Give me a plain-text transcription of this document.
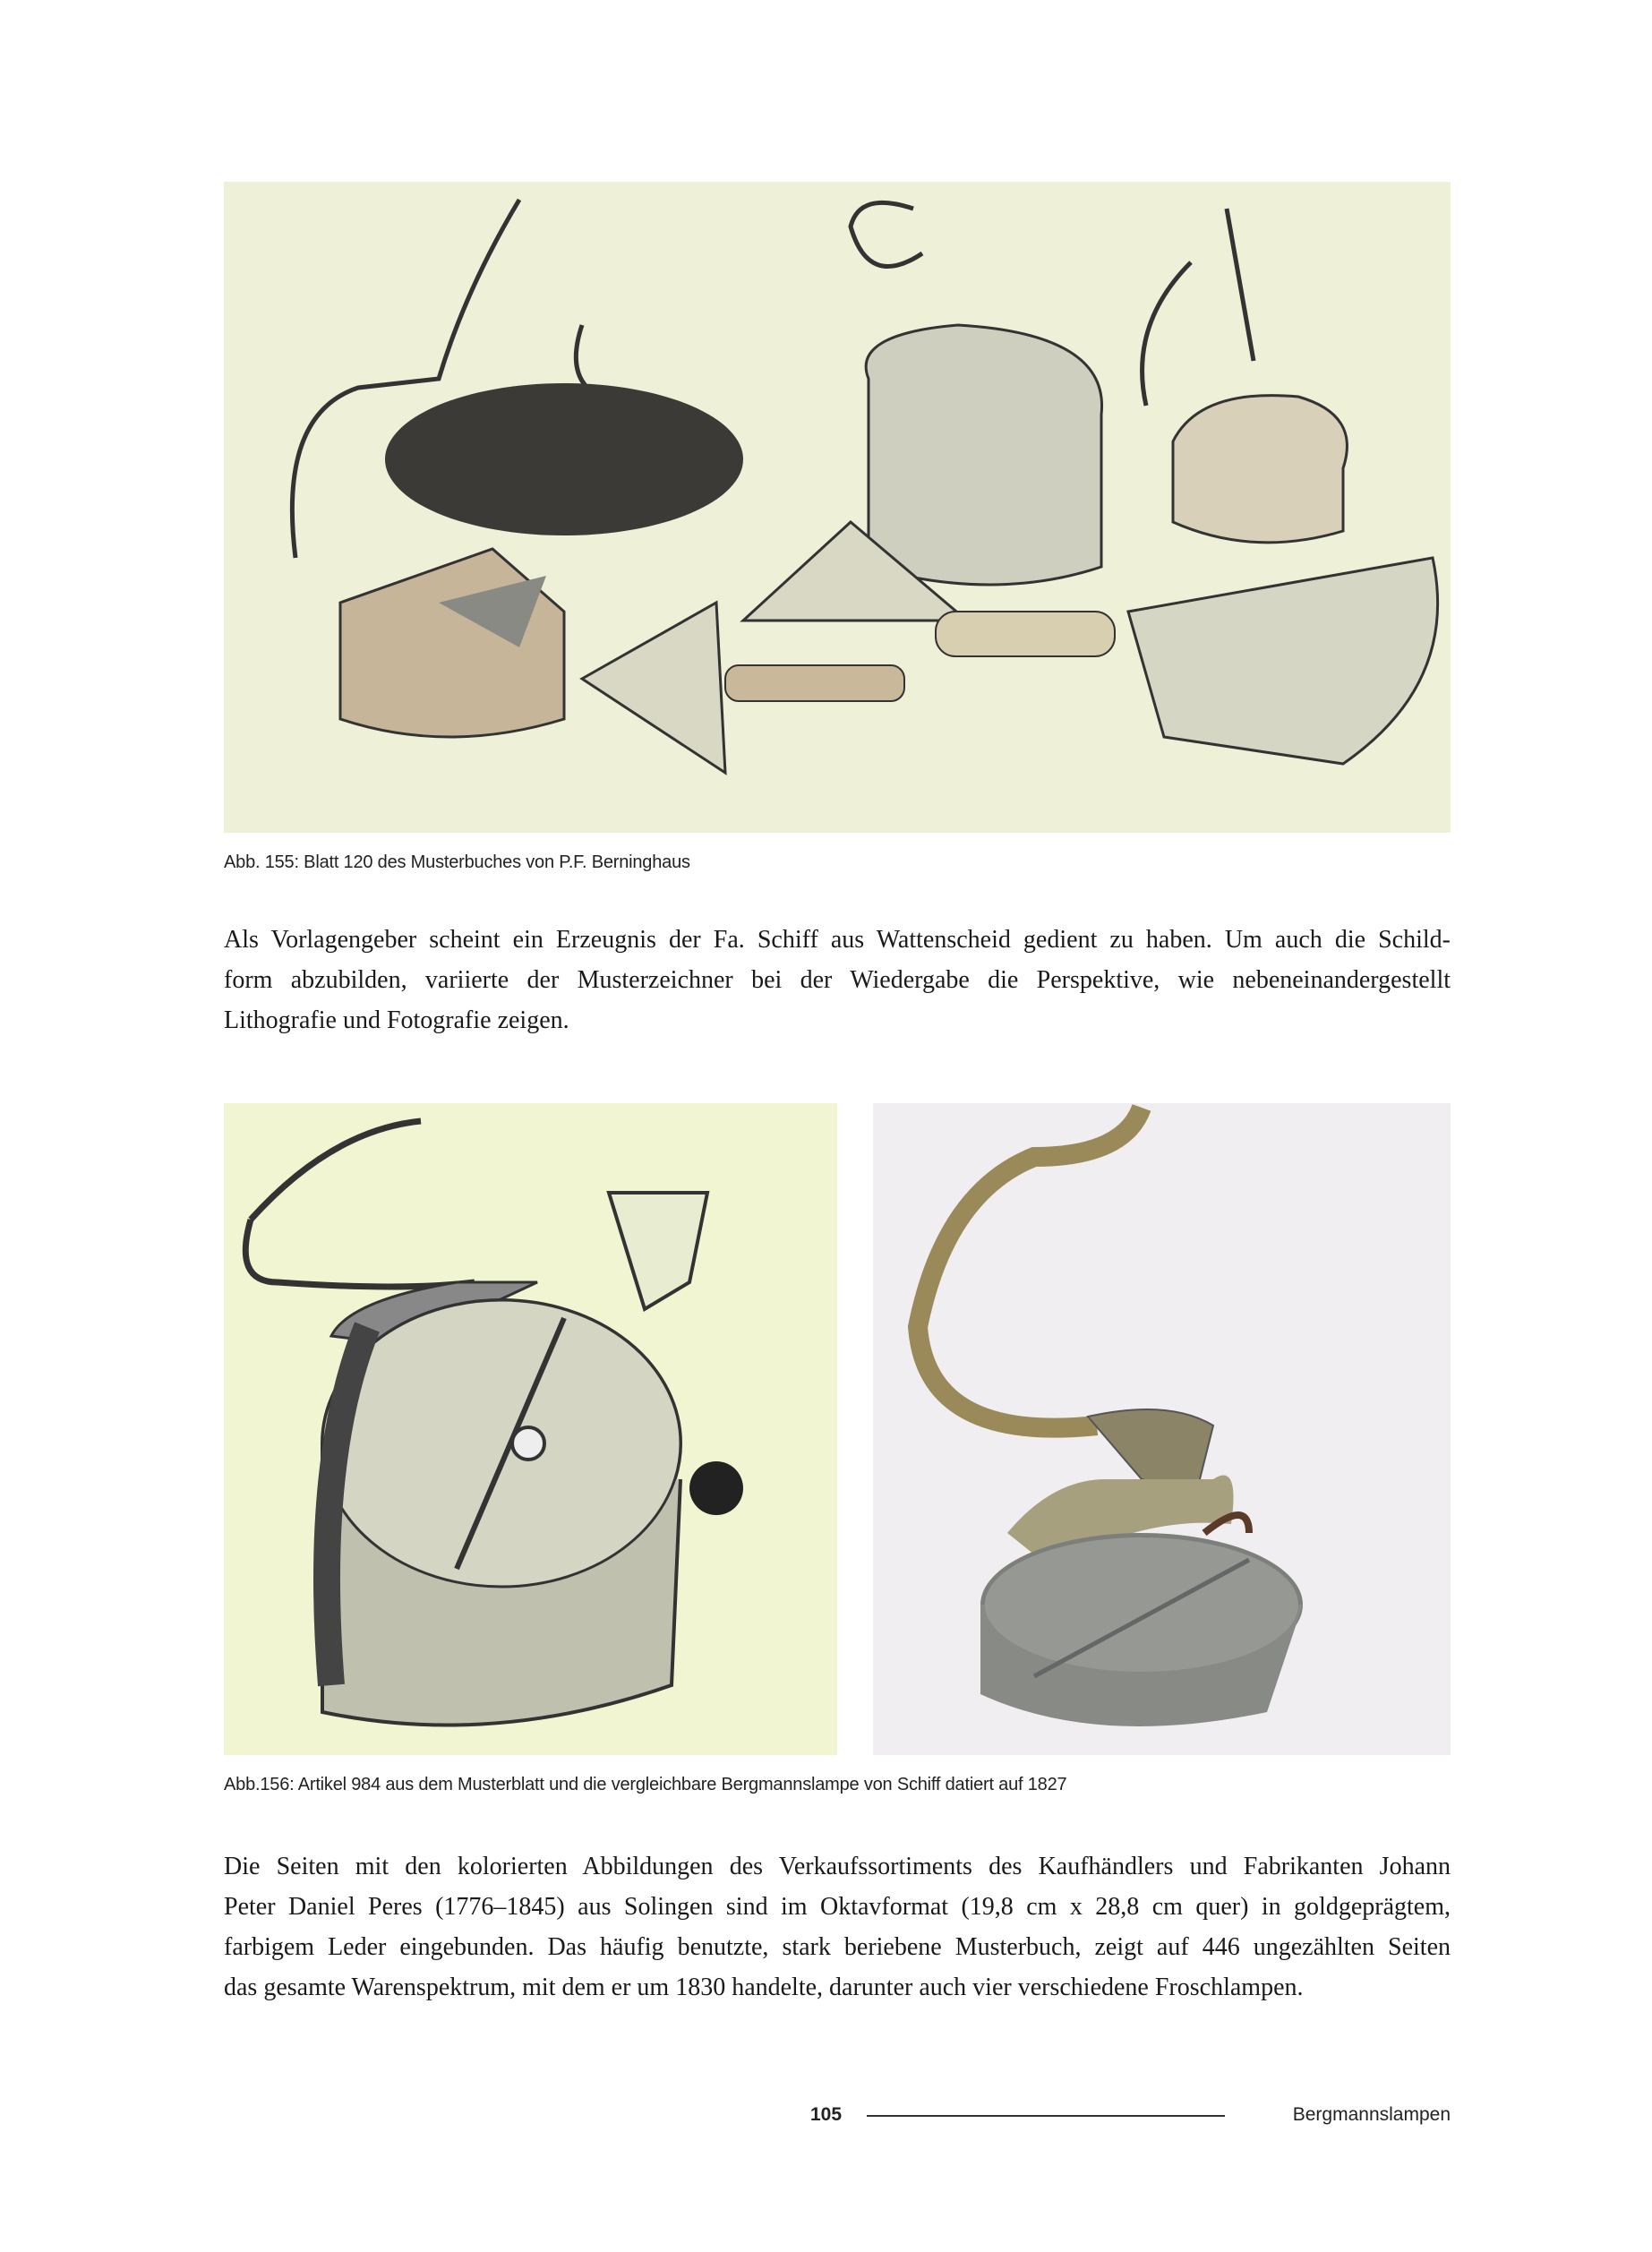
Abb. 155: Blatt 120 des Musterbuches von P.F. Berninghaus
Als Vorlagengeber scheint ein Erzeugnis der Fa. Schiff aus Wattenscheid gedient zu haben. Um auch die Schild-
form abzubilden, variierte der Musterzeichner bei der Wiedergabe die Perspektive, wie nebeneinandergestellt
Lithografie und Fotografie zeigen.
Abb.156: Artikel 984 aus dem Musterblatt und die vergleichbare Bergmannslampe von Schiff datiert auf 1827
Die Seiten mit den kolorierten Abbildungen des Verkaufssortiments des Kaufhändlers und Fabrikanten Johann
Peter Daniel Peres (1776–1845) aus Solingen sind im Oktavformat (19,8 cm x 28,8 cm quer) in goldgeprägtem,
farbigem Leder eingebunden. Das häufig benutzte, stark beriebene Musterbuch, zeigt auf 446 ungezählten Seiten
das gesamte Warenspektrum, mit dem er um 1830 handelte, darunter auch vier verschiedene Froschlampen.
105	Bergmannslampen
